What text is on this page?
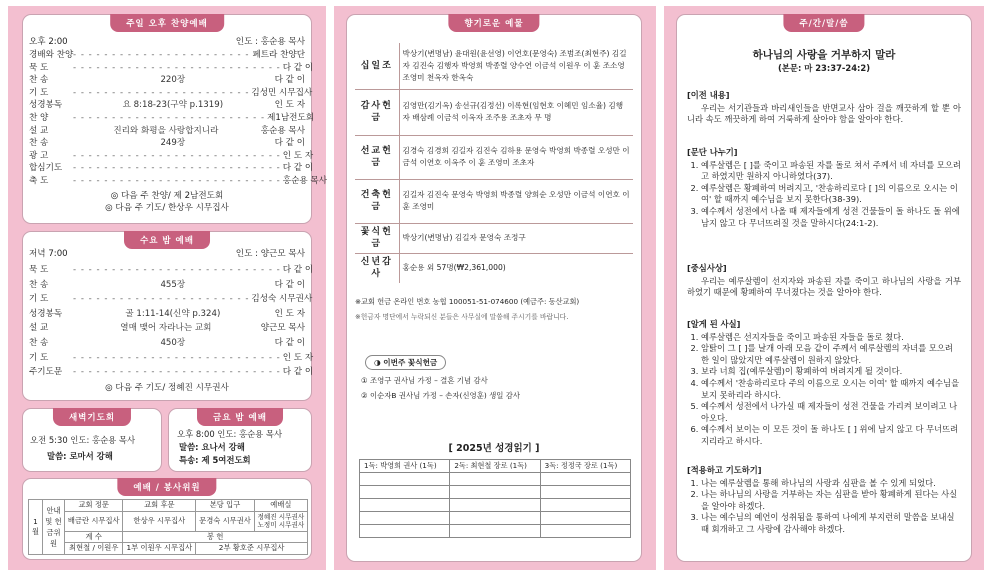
주일 오후 찬양예배
오후 2:00	인도 : 홍순용 목사
경배와 찬양 - - - - - - - - - - - - - - - - - - - - - - - 페트라 찬양단
묵 도	- - - - - - - - - - - - - - - - - - - - - - - - - - - 다 같 이
찬 송	220장	다 같 이
기 도	- - - - - - - - - - - - - - - - - - - - - - - 김성민 시무집사
성경봉독	요 8:18-23(구약 p.1319)	인 도 자
찬 양	- - - - - - - - - - - - - - - - - - - - - - - - - 제1남전도회
설 교	진리와 화평을 사랑합지니라	홍순용 목사
찬 송	249장	다 같 이
광 고	- - - - - - - - - - - - - - - - - - - - - - - - - - - 인 도 자
합심기도	- - - - - - - - - - - - - - - - - - - - - - - - - - - 다 같 이
축 도	- - - - - - - - - - - - - - - - - - - - - - - - - - - 홍순용 목사
◎ 다음 주 찬양/ 제 2남전도회
◎ 다음 주 기도/ 한상우 시무집사
수요 밤 예배
저녁 7:00	인도 : 양근모 목사
묵 도	- - - - - - - - - - - - - - - - - - - - - - - - - - - 다 같 이
찬 송	455장	다 같 이
기 도	- - - - - - - - - - - - - - - - - - - - - - - 김성숙 시무권사
성경봉독	골 1:11-14(신약 p.324)	인 도 자
설 교	열매 맺어 자라나는 교회	양근모 목사
찬 송	450장	다 같 이
기 도	- - - - - - - - - - - - - - - - - - - - - - - - - - - 인 도 자
주기도문	- - - - - - - - - - - - - - - - - - - - - - - - - - - 다 같 이
◎ 다음 주 기도/ 정혜진 시무권사
새벽기도회
오전 5:30 인도: 홍순용 목사
말씀: 로마서 강해
금요 밤 예배
오후 8:00 인도: 홍순용 목사
말씀: 요나서 강해
특송: 제 5여전도회
예배 / 봉사위원
1월	안내 및 헌금위원	교회 정문	교회 후문	본당 입구	예배실
		배금란 시무집사	한상우 시무집사	문경숙 시무권사	정혜진 시무권사
노정미 시무권사
		계 수	봉 헌		
		최현철 / 이원우	1부 이원우 시무집사	2부 황호준 시무집사	
향기로운 예물
십일조	박상기(변명남) 윤대원(윤선영) 이연호(문영숙) 조범조(최현주) 김길자 김진숙 김행자 박영희 박종렬 양수연 이금석 이원우 이 훈 조소영 조영미 천옥자 한옥숙
감사헌금	김영만(김기옥) 송선규(김정선) 이록현(임현호 이혜민 임소율) 김행자 배삼례 이금석 이옥자 조주용 조초자 무 명
선교헌금	김경숙 김경희 김길자 김진숙 김하용 문영숙 박영희 박종렬 오성만 이금석 이연호 이옥주 이 훈 조영미 조초자
건축헌금	김길자 김진숙 문영숙 박영희 박종렬 양희순 오성만 이금석 이연호 이 훈 조영미
꽃식헌금	박상기(변명남) 김길자 문영숙 조정구
신년감사	홍순용 외 57명(₩2,361,000)
※교회 헌금 온라인 번호 농협 100051-51-074600 (예금주: 동산교회)
※헌금자 명단에서 누락되신 분들은 사무실에 말씀해 주시기를 바랍니다.
◑ 이번주 꽃식헌금
① 조영구 권사님 가정 – 결혼 기념 감사
② 이순자B 권사님 가정 – 손자(신영훈) 생일 감사
[ 2025년 성경읽기 ]
1독: 박영희 권사 (1독)	2독: 최현철 장로 (1독)	3독: 정정국 장로 (1독)

주/간/말/씀
하나님의 사랑을 거부하지 말라
(본문: 마 23:37-24:2)
[이전 내용]
우리는 서기관들과 바리새인들을 반면교사 삼아 걸을 깨끗하게 할 뿐 아니라 속도 깨끗하게 하여 거룩하게 살아야 함을 알아야 한다.
[문단 나누기]
1. 예루살렘은 [ ]를 죽이고 파송된 자를 돌로 쳐서 주께서 네 자녀를 모으려고 하였지만 원하지 아니하였다(37).
2. 예루살렘은 황폐하여 버려지고, '찬송하리로다 [ ]의 이름으로 오시는 이여' 할 때까지 예수님을 보지 못한다(38-39).
3. 예수께서 성전에서 나올 때 제자들에게 성전 건물들이 돌 하나도 돌 위에 남지 않고 다 무너뜨려질 것을 말하시다(24:1-2).
[중심사상]
우리는 예루살렘이 선지자와 파송된 자를 죽이고 하나님의 사랑을 거부하였기 때문에 황폐하여 무너졌다는 것을 알아야 한다.
[알게 된 사실]
1. 예루살렘은 선지자들을 죽이고 파송된 자들을 돌로 쳤다.
2. 암탉이 그 [ ]를 날개 아래 모음 같이 주께서 예루살렘의 자녀를 모으려 한 일이 많았지만 예루살렘이 원하지 않았다.
3. 보라 너희 집(예루살렘)이 황폐하여 버려지게 될 것이다.
4. 예수께서 '찬송하리로다 주의 이름으로 오시는 이여' 할 때까지 예수님을 보지 못하리라 하시다.
5. 예수께서 성전에서 나가실 때 제자들이 성전 건물을 가리켜 보이려고 나아오다.
6. 예수께서 보이는 이 모든 것이 돌 하나도 [ ] 위에 남지 않고 다 무너뜨려지리라고 하시다.
[적용하고 기도하기]
1. 나는 예루살렘을 통해 하나님의 사랑과 심판을 볼 수 있게 되었다.
2. 나는 하나님의 사랑을 거부하는 자는 심판을 받아 황폐하게 된다는 사실을 알아야 하겠다.
3. 나는 예수님의 예언이 성취됨을 통하여 나에게 부지런히 말씀을 보내실 때 회개하고 그 사랑에 감사해야 하겠다.
